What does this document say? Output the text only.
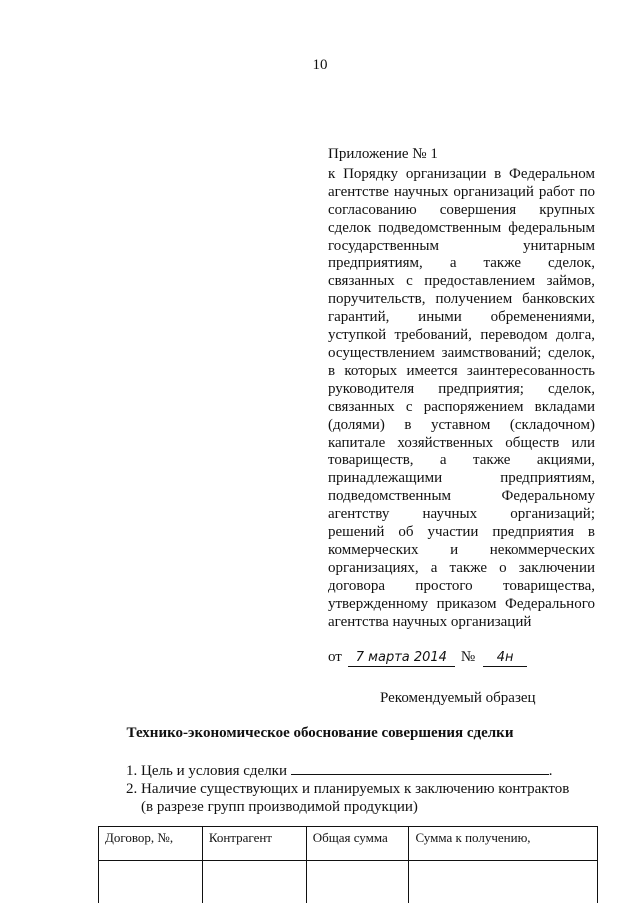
10

Приложение № 1

к Порядку организации в Федеральном агентстве научных организаций работ по согласованию совершения крупных сделок подведомственным федеральным государственным унитарным предприятиям, а также сделок, связанных с предоставлением займов, поручительств, получением банковских гарантий, иными обременениями, уступкой требований, переводом долга, осуществлением заимствований; сделок, в которых имеется заинтересованность руководителя предприятия; сделок, связанных с распоряжением вкладами (долями) в уставном (складочном) капитале хозяйственных обществ или товариществ, а также акциями, принадлежащими предприятиям, подведомственным Федеральному агентству научных организаций; решений об участии предприятия в коммерческих и некоммерческих организациях, а также о заключении договора простого товарищества, утвержденному приказом Федерального агентства научных организаций

от 7 марта 2014 № 4н
Рекомендуемый образец
Технико-экономическое обоснование совершения сделки

1. Цель и условия сделки	.

2. Наличие существующих и планируемых к заключению контрактов

(в разрезе групп производимой продукции)

Договор, №,	Контрагент	Общая сумма	Сумма к получению,
